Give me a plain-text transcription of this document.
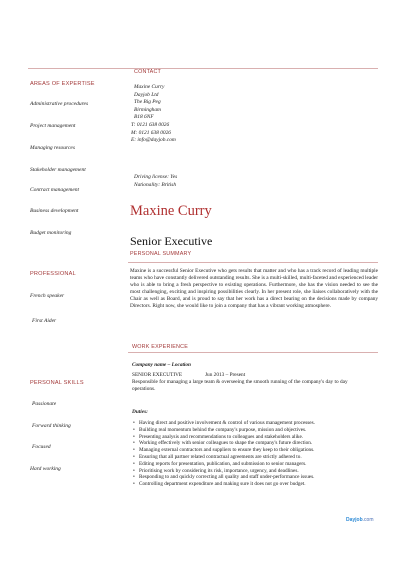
CONTACT
AREAS OF EXPERTISE
Administrative procedures
Project management
Managing resources
Stakeholder management
Contract management
Business development
Budget monitoring
PROFESSIONAL
French speaker
First Aider
PERSONAL SKILLS
Passionate
Forward thinking
Focused
Hard working
Maxine Curry
Dayjob Ltd
The Big Peg
Birmingham
B18 6NF
T: 0121 638 0026
M: 0121 638 0026
E: info@dayjob.com
Driving license: Yes
Nationality: British
Maxine Curry
Senior Executive
PERSONAL SUMMARY
Maxine is a successful Senior Executive who gets results that matter and who has a track record of leading multiple teams who have constantly delivered outstanding results. She is a multi-skilled, multi-faceted and experienced leader who is able to bring a fresh perspective to existing operations. Furthermore, she has the vision needed to see the most challenging, exciting and inspiring possibilities clearly. In her present role, she liaises collaboratively with the Chair as well as Board, and is proud to say that her work has a direct bearing on the decisions made by company Directors. Right now, she would like to join a company that has a vibrant working atmosphere.
WORK EXPERIENCE
Company name – Location
SENIOR EXECUTIVE	Jun 2013 – Present
Responsible for managing a large team & overseeing the smooth running of the company's day to day operations.
Duties:
• Having direct and positive involvement & control of various management processes.
• Building real momentum behind the company's purpose, mission and objectives.
• Presenting analysis and recommendations to colleagues and stakeholders alike.
• Working effectively with senior colleagues to shape the company's future direction.
• Managing external contractors and suppliers to ensure they keep to their obligations.
• Ensuring that all partner related contractual agreements are strictly adhered to.
• Editing reports for presentation, publication, and submission to senior managers.
• Prioritising work by considering its risk, importance, urgency, and deadlines.
• Responding to and quickly correcting all quality and staff under-performance issues.
• Controlling department expenditure and making sure it does not go over budget.
Dayjob.com
